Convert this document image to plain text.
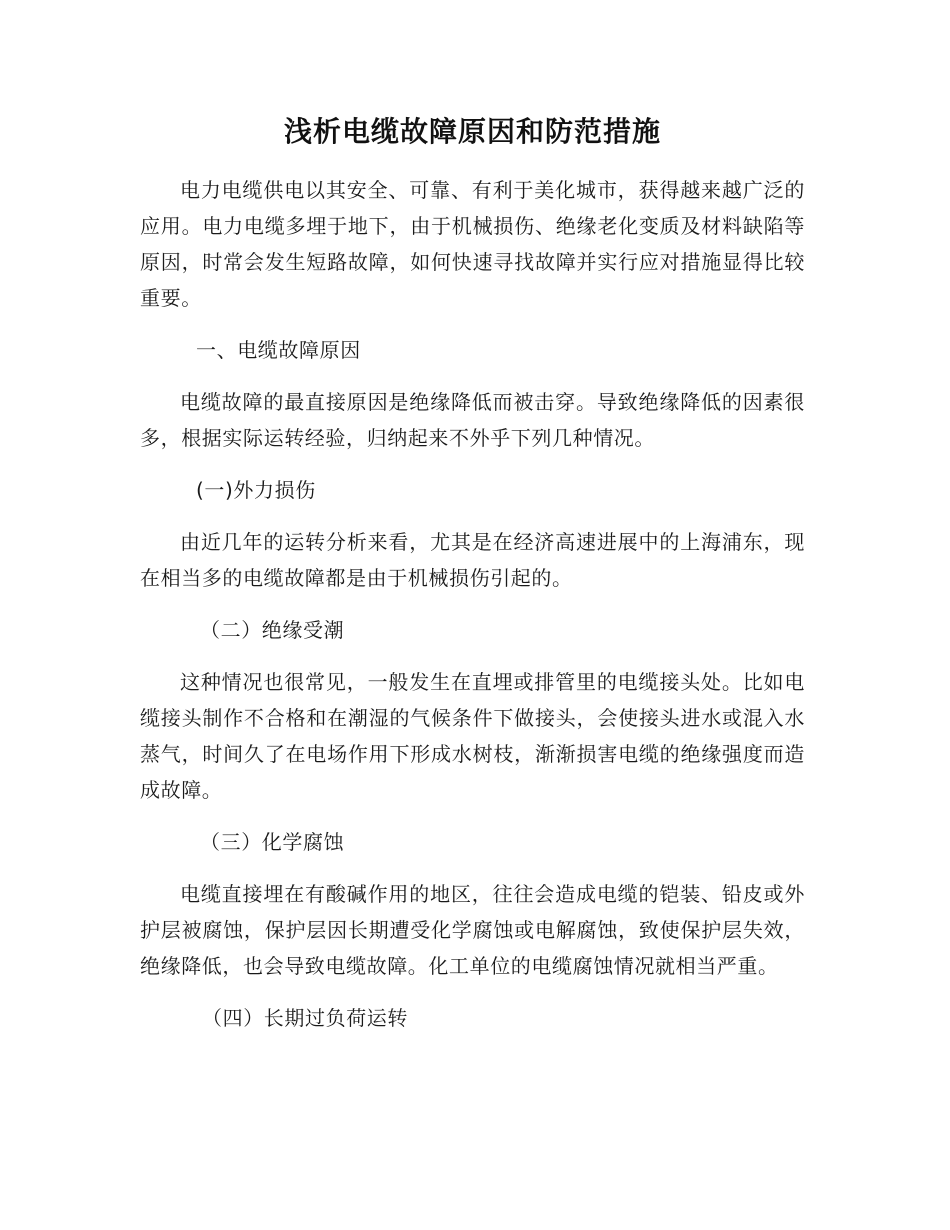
浅析电缆故障原因和防范措施

电力电缆供电以其安全、可靠、有利于美化城市，获得越来越广泛的应用。电力电缆多埋于地下，由于机械损伤、绝缘老化变质及材料缺陷等原因，时常会发生短路故障，如何快速寻找故障并实行应对措施显得比较重要。

一、电缆故障原因

电缆故障的最直接原因是绝缘降低而被击穿。导致绝缘降低的因素很多，根据实际运转经验，归纳起来不外乎下列几种情况。

(一)外力损伤

由近几年的运转分析来看，尤其是在经济高速进展中的上海浦东，现在相当多的电缆故障都是由于机械损伤引起的。

（二）绝缘受潮

这种情况也很常见，一般发生在直埋或排管里的电缆接头处。比如电缆接头制作不合格和在潮湿的气候条件下做接头，会使接头进水或混入水蒸气，时间久了在电场作用下形成水树枝，渐渐损害电缆的绝缘强度而造成故障。

（三）化学腐蚀

电缆直接埋在有酸碱作用的地区，往往会造成电缆的铠装、铅皮或外护层被腐蚀，保护层因长期遭受化学腐蚀或电解腐蚀，致使保护层失效，绝缘降低，也会导致电缆故障。化工单位的电缆腐蚀情况就相当严重。

（四）长期过负荷运转
